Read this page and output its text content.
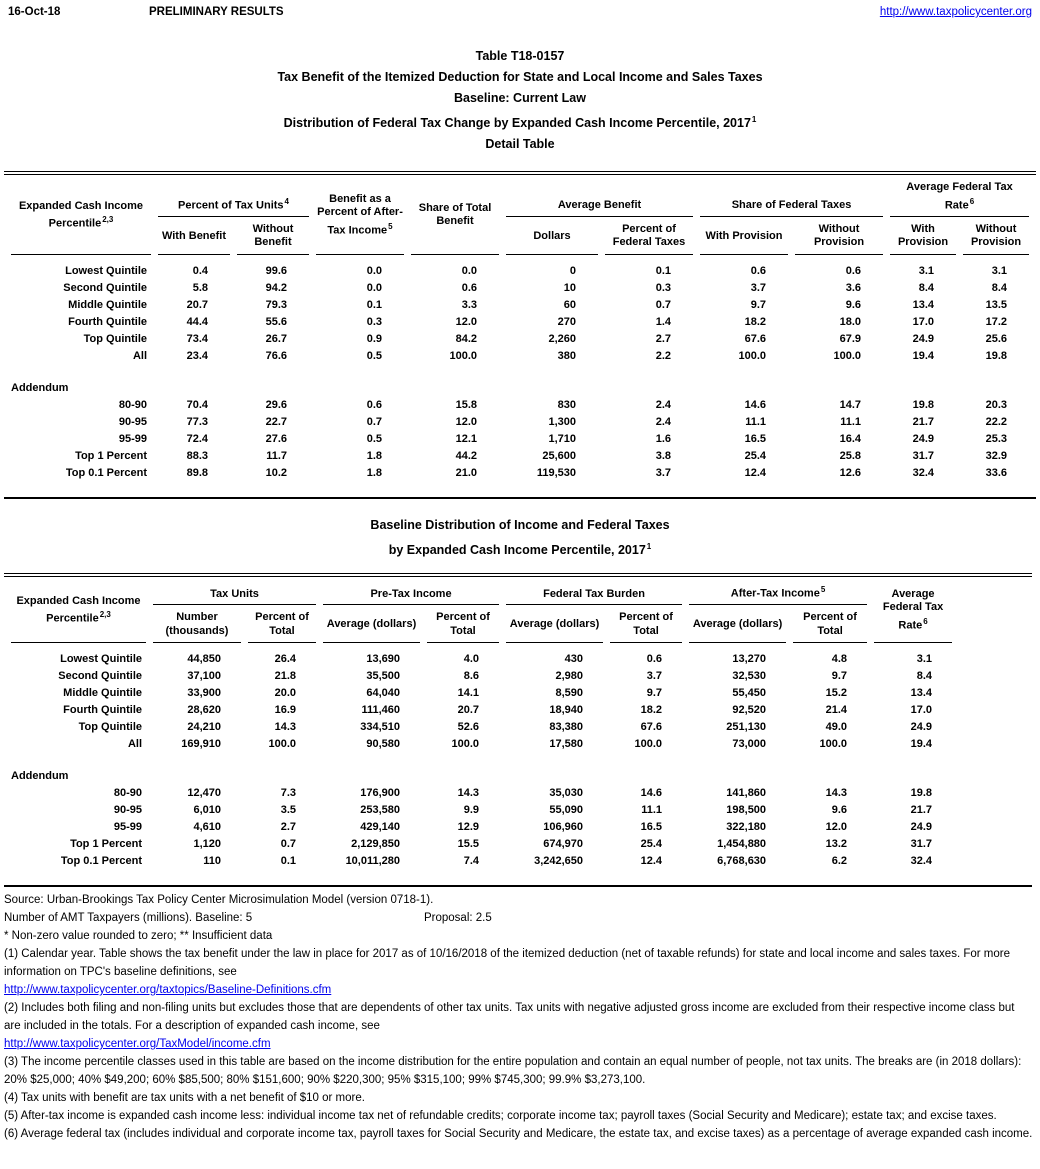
16-Oct-18	PRELIMINARY RESULTS	http://www.taxpolicycenter.org
Table T18-0157
Tax Benefit of the Itemized Deduction for State and Local Income and Sales Taxes
Baseline: Current Law
Distribution of Federal Tax Change by Expanded Cash Income Percentile, 2017$^1$
Detail Table
Expanded Cash Income
Percentile$^{2,3}$	Percent of Tax Units$^4$		Benefit as a Percent of After-Tax Income$^5$	Share of Total Benefit	Average Benefit		Share of Federal Taxes		Average Federal Tax Rate$^6$
	With Benefit	Without Benefit			Dollars	Percent of Federal Taxes	With Provision	Without Provision	With Provision	Without Provision

Lowest Quintile	0.4	99.6	0.0	0.0	0	0.1	0.6	0.6	3.1	3.1
Second Quintile	5.8	94.2	0.0	0.6	10	0.3	3.7	3.6	8.4	8.4
Middle Quintile	20.7	79.3	0.1	3.3	60	0.7	9.7	9.6	13.4	13.5
Fourth Quintile	44.4	55.6	0.3	12.0	270	1.4	18.2	18.0	17.0	17.2
Top Quintile	73.4	26.7	0.9	84.2	2,260	2.7	67.6	67.9	24.9	25.6
All	23.4	76.6	0.5	100.0	380	2.2	100.0	100.0	19.4	19.8

Addendum										
80-90	70.4	29.6	0.6	15.8	830	2.4	14.6	14.7	19.8	20.3
90-95	77.3	22.7	0.7	12.0	1,300	2.4	11.1	11.1	21.7	22.2
95-99	72.4	27.6	0.5	12.1	1,710	1.6	16.5	16.4	24.9	25.3
Top 1 Percent	88.3	11.7	1.8	44.2	25,600	3.8	25.4	25.8	31.7	32.9
Top 0.1 Percent	89.8	10.2	1.8	21.0	119,530	3.7	12.4	12.6	32.4	33.6

Baseline Distribution of Income and Federal Taxes
by Expanded Cash Income Percentile, 2017$^1$
Expanded Cash Income
Percentile$^{2,3}$	Tax Units		Pre-Tax Income		Federal Tax Burden		After-Tax Income$^5$		Average Federal Tax Rate$^6$	
	Number (thousands)	Percent of Total	Average (dollars)	Percent of Total	Average (dollars)	Percent of Total	Average (dollars)	Percent of Total		

Lowest Quintile	44,850	26.4	13,690	4.0	430	0.6	13,270	4.8	3.1	
Second Quintile	37,100	21.8	35,500	8.6	2,980	3.7	32,530	9.7	8.4	
Middle Quintile	33,900	20.0	64,040	14.1	8,590	9.7	55,450	15.2	13.4	
Fourth Quintile	28,620	16.9	111,460	20.7	18,940	18.2	92,520	21.4	17.0	
Top Quintile	24,210	14.3	334,510	52.6	83,380	67.6	251,130	49.0	24.9	
All	169,910	100.0	90,580	100.0	17,580	100.0	73,000	100.0	19.4	

Addendum										
80-90	12,470	7.3	176,900	14.3	35,030	14.6	141,860	14.3	19.8	
90-95	6,010	3.5	253,580	9.9	55,090	11.1	198,500	9.6	21.7	
95-99	4,610	2.7	429,140	12.9	106,960	16.5	322,180	12.0	24.9	
Top 1 Percent	1,120	0.7	2,129,850	15.5	674,970	25.4	1,454,880	13.2	31.7	
Top 0.1 Percent	110	0.1	10,011,280	7.4	3,242,650	12.4	6,768,630	6.2	32.4	

Source: Urban-Brookings Tax Policy Center Microsimulation Model (version 0718-1).
Number of AMT Taxpayers (millions). Baseline: 5	Proposal: 2.5
* Non-zero value rounded to zero; ** Insufficient data
(1) Calendar year. Table shows the tax benefit under the law in place for 2017 as of 10/16/2018 of the itemized deduction (net of taxable refunds) for state and local income and sales taxes. For more information on TPC's baseline definitions, see
http://www.taxpolicycenter.org/taxtopics/Baseline-Definitions.cfm
(2) Includes both filing and non-filing units but excludes those that are dependents of other tax units. Tax units with negative adjusted gross income are excluded from their respective income class but are included in the totals. For a description of expanded cash income, see
http://www.taxpolicycenter.org/TaxModel/income.cfm
(3) The income percentile classes used in this table are based on the income distribution for the entire population and contain an equal number of people, not tax units. The breaks are (in 2018 dollars): 20% $25,000; 40% $49,200; 60% $85,500; 80% $151,600; 90% $220,300; 95% $315,100; 99% $745,300; 99.9% $3,273,100.
(4) Tax units with benefit are tax units with a net benefit of $10 or more.
(5) After-tax income is expanded cash income less: individual income tax net of refundable credits; corporate income tax; payroll taxes (Social Security and Medicare); estate tax; and excise taxes.
(6) Average federal tax (includes individual and corporate income tax, payroll taxes for Social Security and Medicare, the estate tax, and excise taxes) as a percentage of average expanded cash income.
